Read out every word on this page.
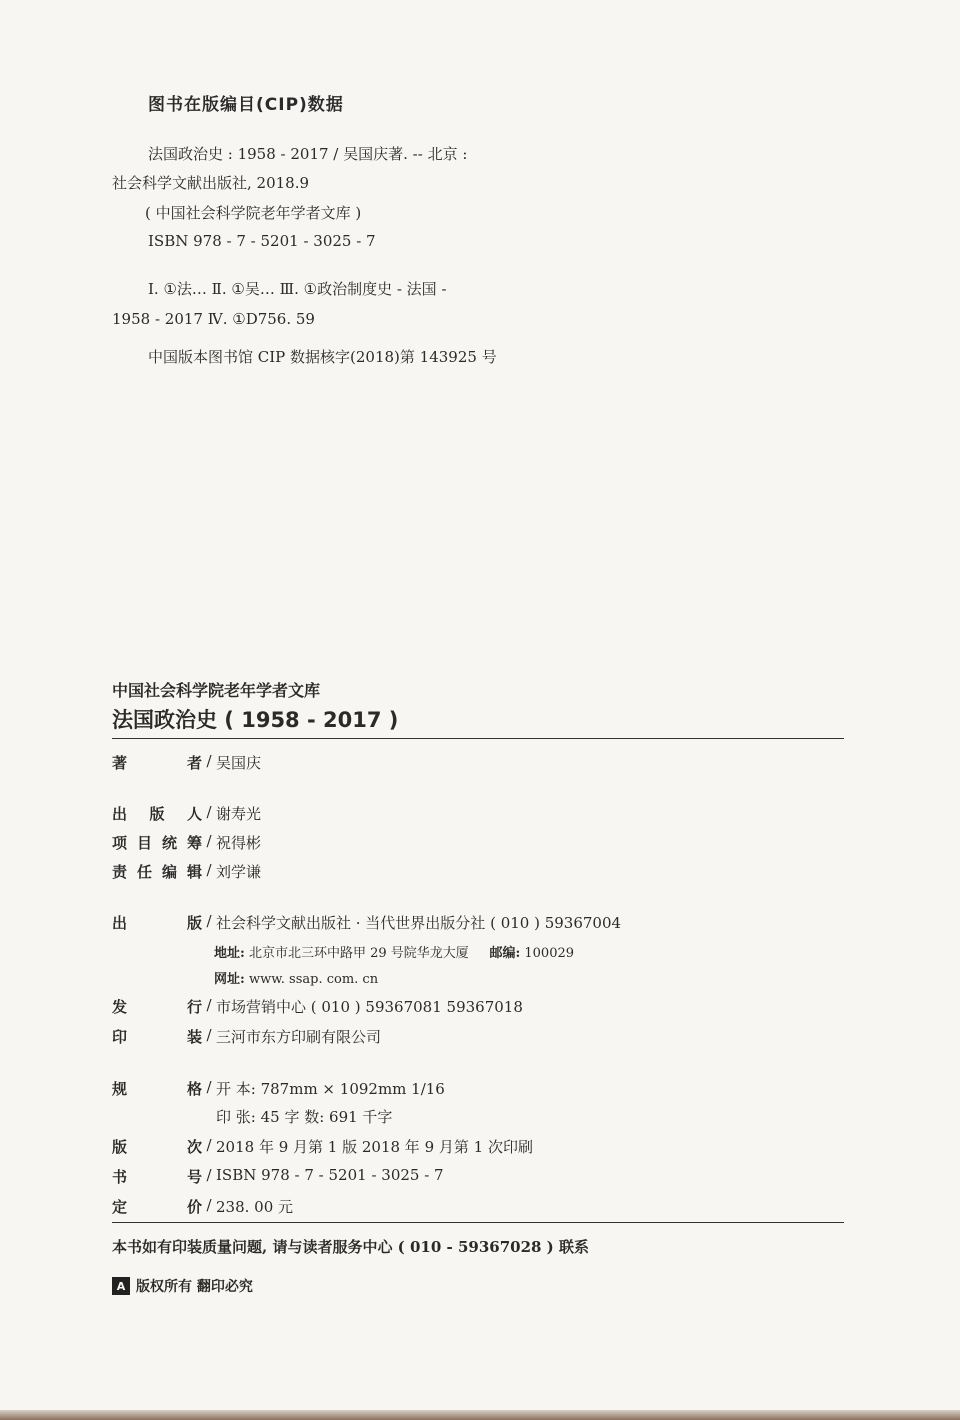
图书在版编目(CIP)数据
法国政治史 : 1958 - 2017 / 吴国庆著. -- 北京 :
社会科学文献出版社, 2018.9
( 中国社会科学院老年学者文库 )
ISBN 978 - 7 - 5201 - 3025 - 7
Ⅰ. ①法… Ⅱ. ①吴… Ⅲ. ①政治制度史 - 法国 -
1958 - 2017 Ⅳ. ①D756. 59
中国版本图书馆 CIP 数据核字(2018)第 143925 号
中国社会科学院老年学者文库
法国政治史 ( 1958 - 2017 )
著者 / 吴国庆
出版人 / 谢寿光
项目统筹 / 祝得彬
责任编辑 / 刘学谦
出版 / 社会科学文献出版社 · 当代世界出版分社 ( 010 ) 59367004
地址: 北京市北三环中路甲 29 号院华龙大厦 邮编: 100029
网址: www. ssap. com. cn
发行 / 市场营销中心 ( 010 ) 59367081 59367018
印装 / 三河市东方印刷有限公司
规格 / 开 本: 787mm × 1092mm 1/16
印 张: 45 字 数: 691 千字
版次 / 2018 年 9 月第 1 版 2018 年 9 月第 1 次印刷
书号 / ISBN 978 - 7 - 5201 - 3025 - 7
定价 / 238. 00 元
本书如有印装质量问题, 请与读者服务中心 ( 010 - 59367028 ) 联系
A 版权所有 翻印必究
